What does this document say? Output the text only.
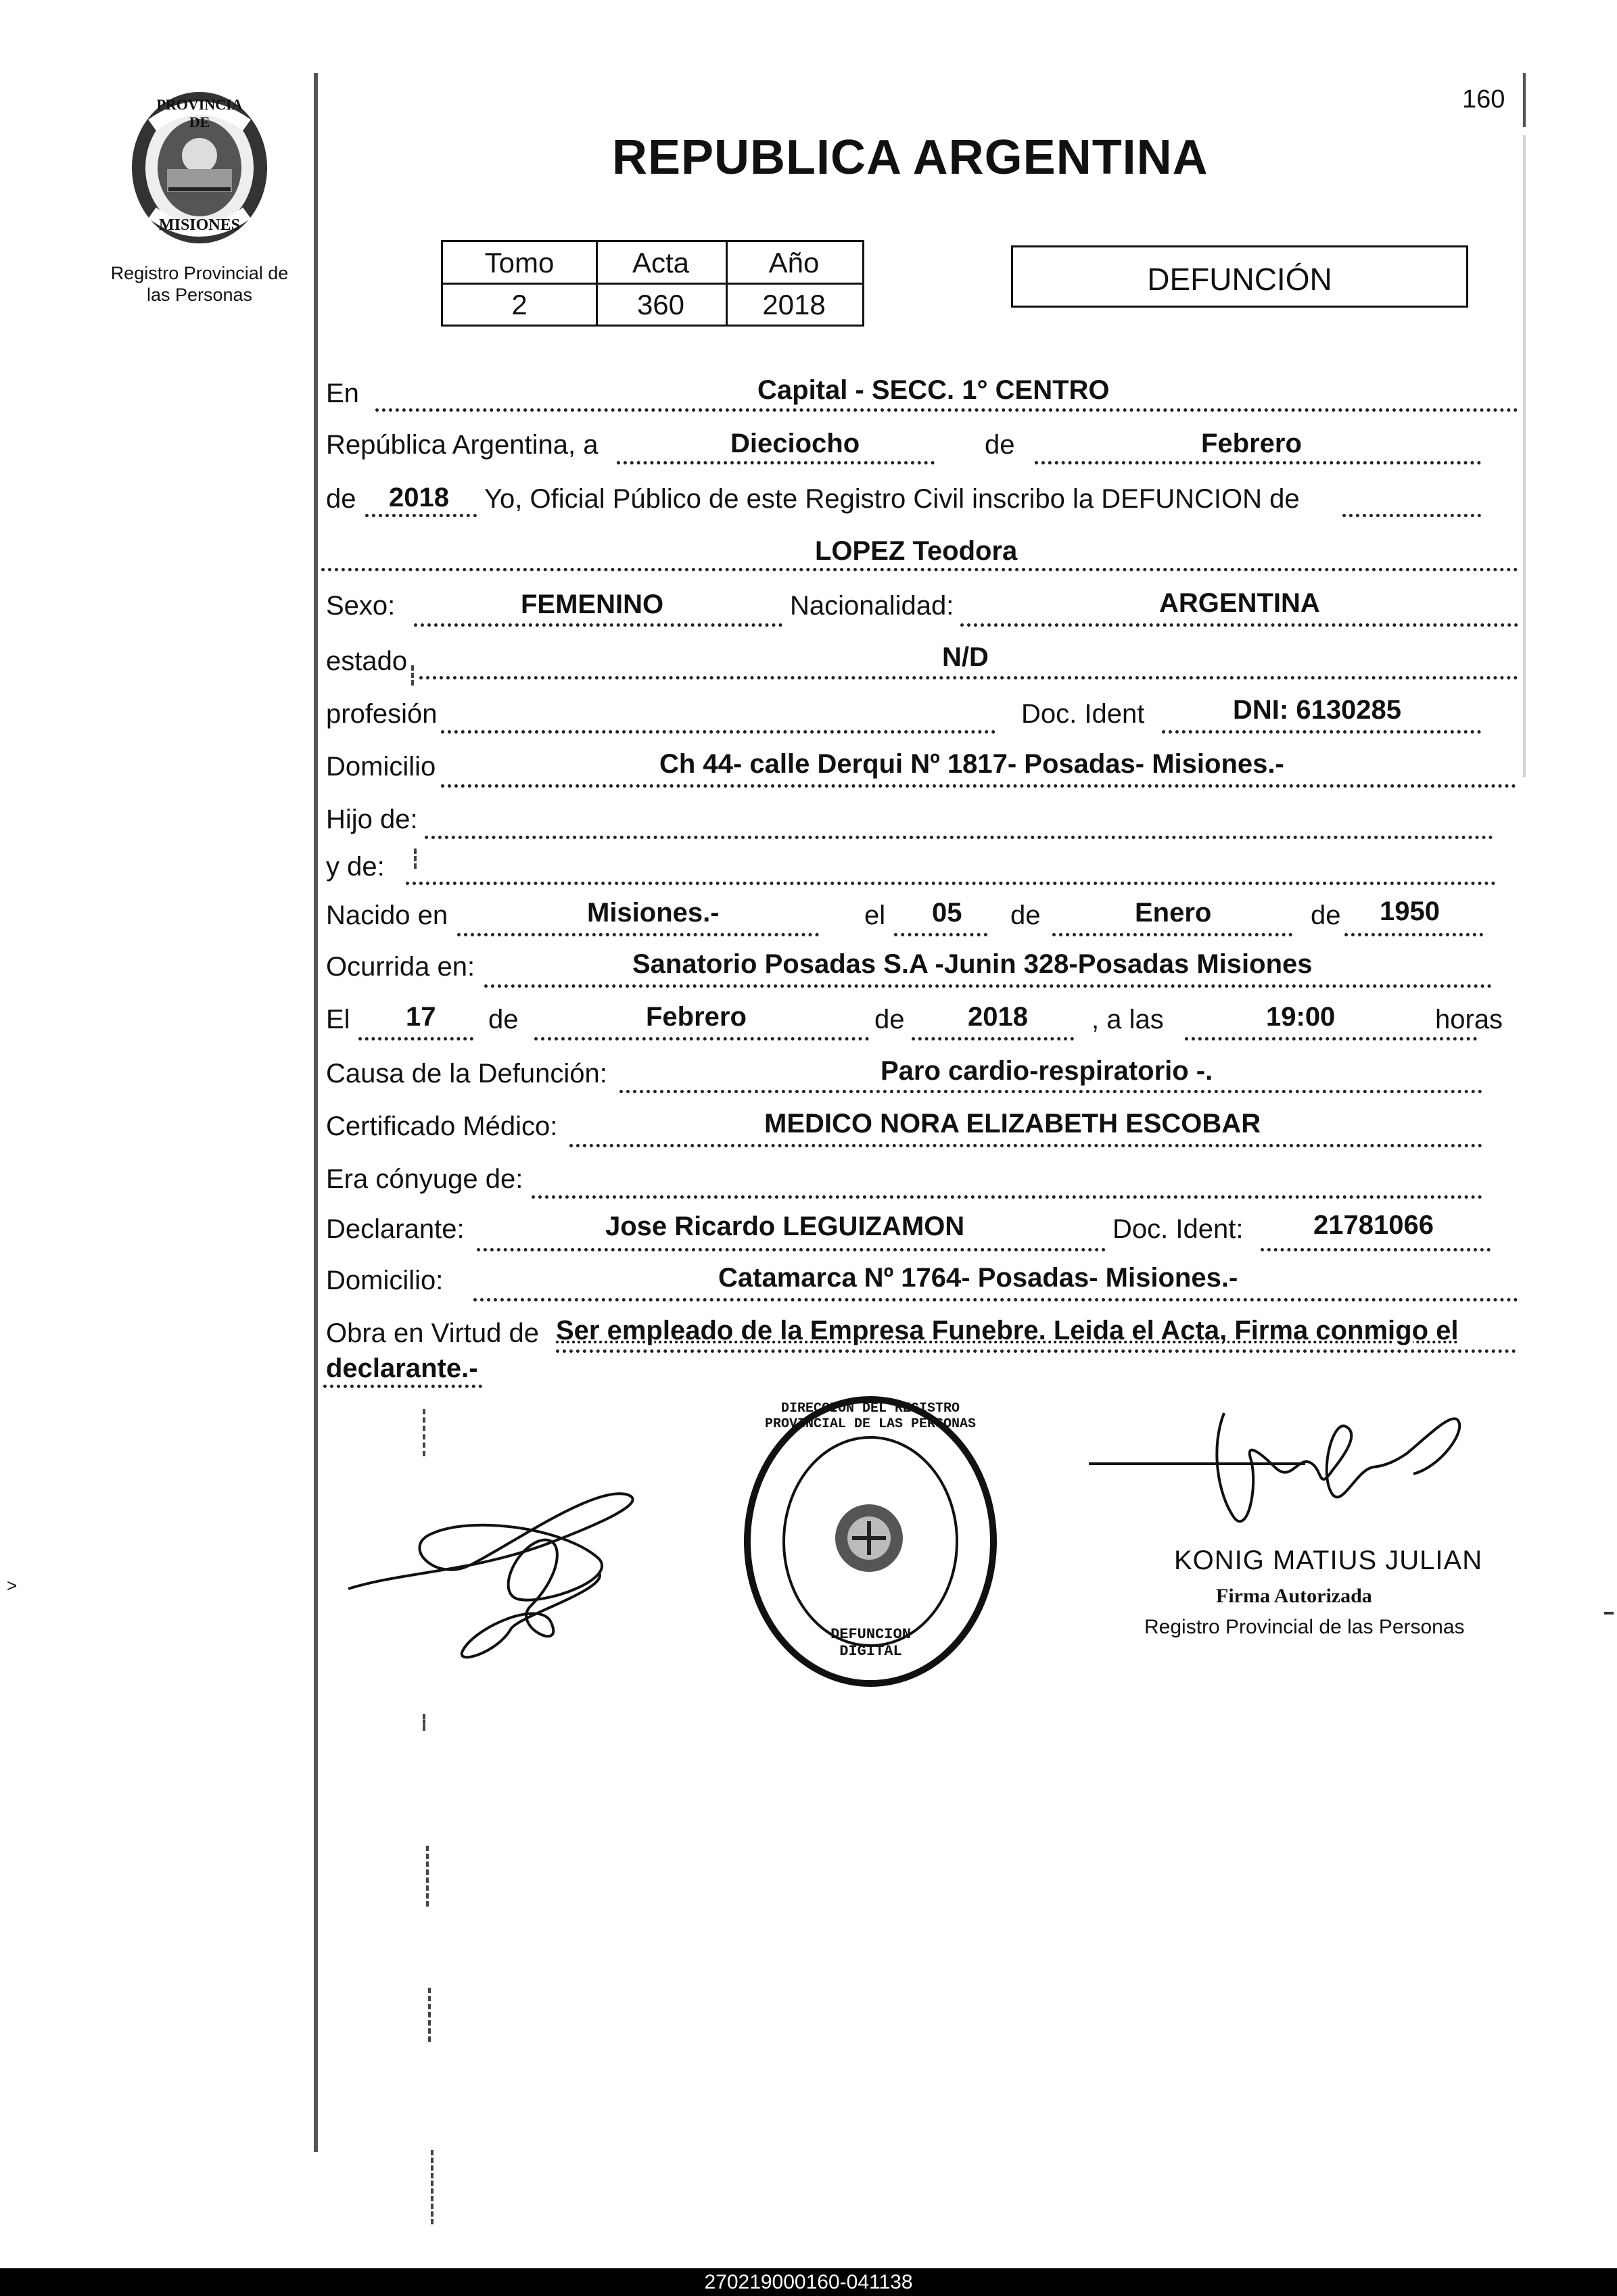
PROVINCIA DE
MISIONES
Registro Provincial de
las Personas
160
REPUBLICA ARGENTINA
Tomo	Acta	Año
2	360	2018
DEFUNCIÓN
En	Capital - SECC. 1° CENTRO
República Argentina, a	Dieciocho	de	Febrero
de 2018 Yo, Oficial Público de este Registro Civil inscribo la DEFUNCION de
LOPEZ Teodora
Sexo:	FEMENINO	Nacionalidad:	ARGENTINA
estado	N/D
profesión	Doc. Ident	DNI: 6130285
Domicilio	Ch 44- calle Derqui Nº 1817- Posadas- Misiones.-
Hijo de:
y de:
Nacido en	Misiones.-	el 05 de	Enero	de 1950
Ocurrida en:	Sanatorio Posadas S.A -Junin 328-Posadas Misiones
El 17 de	Febrero	de 2018 , a las	19:00	horas
Causa de la Defunción:	Paro cardio-respiratorio -.
Certificado Médico:	MEDICO NORA ELIZABETH ESCOBAR
Era cónyuge de:
Declarante:	Jose Ricardo LEGUIZAMON	Doc. Ident:	21781066
Domicilio:	Catamarca Nº 1764- Posadas- Misiones.-
Obra en Virtud de Ser empleado de la Empresa Funebre. Leida el Acta, Firma conmigo el
declarante.-
DIRECCION DEL REGISTRO PROVINCIAL DE LAS PERSONAS
DEFUNCION DIGITAL
KONIG MATIUS JULIAN
Firma Autorizada
Registro Provincial de las Personas
˃
270219000160-041138
